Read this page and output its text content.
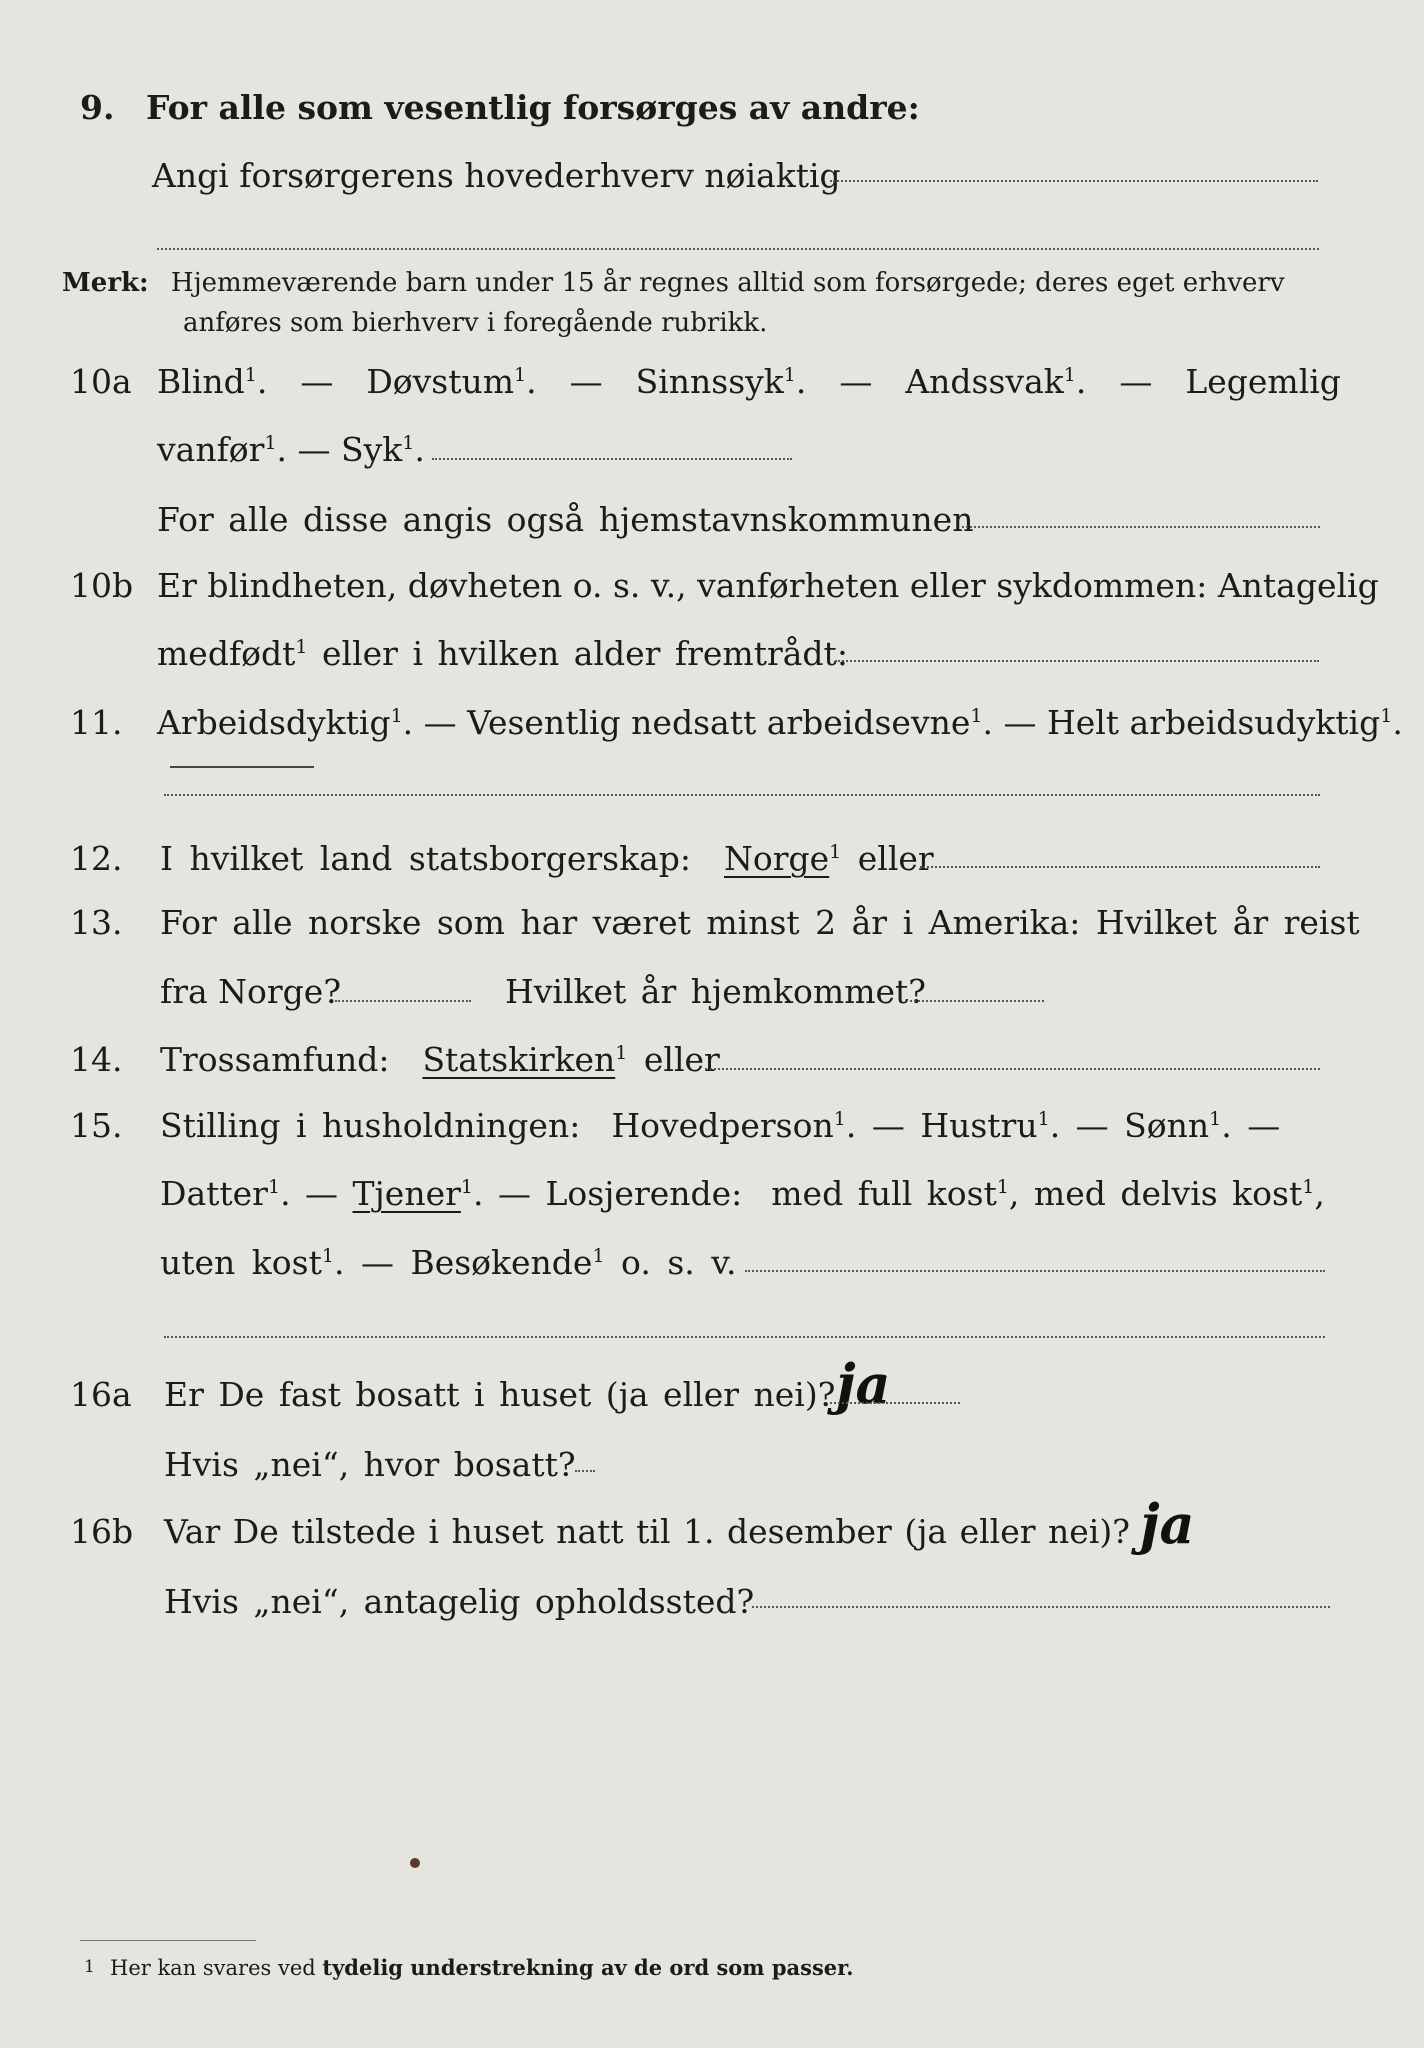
9. For alle som vesentlig forsørges av andre:
Angi forsørgerens hovederhverv nøiaktig
Merk: Hjemmeværende barn under 15 år regnes alltid som forsørgede; deres eget erhverv
anføres som bierhverv i foregående rubrikk.
10a Blind$^1$.  — Døvstum$^1$.  — Sinnssyk$^1$.  — Andssvak$^1$.  — Legemlig
vanfør$^1$. — Syk$^1$.
For alle disse angis også hjemstavnskommunen
10b Er blindheten, døvheten o. s. v., vanførheten eller sykdommen: Antagelig
medfødt$^1$ eller i hvilken alder fremtrådt:
11. Arbeidsdyktig$^1$. — Vesentlig nedsatt arbeidsevne$^1$. — Helt arbeidsudyktig$^1$.
12. I hvilket land statsborgerskap: Norge$^1$ eller
13. For alle norske som har været minst 2 år i Amerika: Hvilket år reist
fra Norge?	Hvilket år hjemkommet?
14. Trossamfund: Statskirken$^1$ eller
15. Stilling i husholdningen: Hovedperson$^1$. — Hustru$^1$. — Sønn$^1$. —
Datter$^1$. — Tjener$^1$. — Losjerende: med full kost$^1$, med delvis kost$^1$,
uten kost$^1$. — Besøkende$^1$ o. s. v.
16a Er De fast bosatt i huset (ja eller nei)? ja
Hvis „nei“, hvor bosatt?
16b Var De tilstede i huset natt til 1. desember (ja eller nei)? ja
Hvis „nei“, antagelig opholdssted?
1 Her kan svares ved tydelig understrekning av de ord som passer.
